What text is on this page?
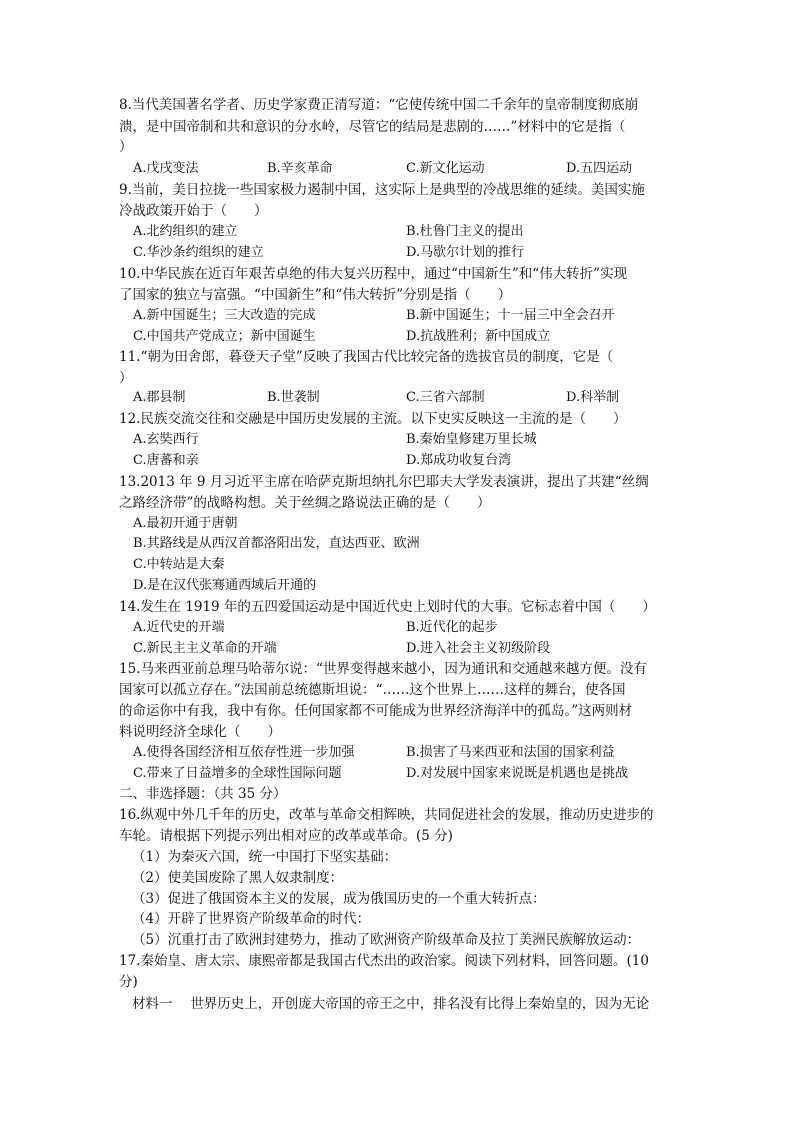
8.当代美国著名学者、历史学家费正清写道：“它使传统中国二千余年的皇帝制度彻底崩
溃，是中国帝制和共和意识的分水岭，尽管它的结局是悲剧的……”材料中的它是指（
）
A.戊戌变法	B.辛亥革命	C.新文化运动	D.五四运动
9.当前，美日拉拢一些国家极力遏制中国，这实际上是典型的冷战思维的延续。美国实施
冷战政策开始于（　　）
A.北约组织的建立	B.杜鲁门主义的提出
C.华沙条约组织的建立	D.马歇尔计划的推行
10.中华民族在近百年艰苦卓绝的伟大复兴历程中，通过“中国新生”和“伟大转折”实现
了国家的独立与富强。“中国新生”和“伟大转折”分别是指（　　）
A.新中国诞生；三大改造的完成	B.新中国诞生；十一届三中全会召开
C.中国共产党成立；新中国诞生	D.抗战胜利；新中国成立
11.“朝为田舍郎，暮登天子堂”反映了我国古代比较完备的选拔官员的制度，它是（
）
A.郡县制	B.世袭制	C.三省六部制	D.科举制
12.民族交流交往和交融是中国历史发展的主流。以下史实反映这一主流的是（　　）
A.玄奘西行	B.秦始皇修建万里长城
C.唐蕃和亲	D.郑成功收复台湾
13.2013 年 9 月习近平主席在哈萨克斯坦纳扎尔巴耶夫大学发表演讲，提出了共建“丝绸
之路经济带”的战略构想。关于丝绸之路说法正确的是（　　）
A.最初开通于唐朝
B.其路线是从西汉首都洛阳出发，直达西亚、欧洲
C.中转站是大秦
D.是在汉代张骞通西域后开通的
14.发生在 1919 年的五四爱国运动是中国近代史上划时代的大事。它标志着中国（　　）
A.近代史的开端	B.近代化的起步
C.新民主主义革命的开端	D.进入社会主义初级阶段
15.马来西亚前总理马哈蒂尔说：“世界变得越来越小，因为通讯和交通越来越方便。没有
国家可以孤立存在。”法国前总统德斯坦说：“……这个世界上……这样的舞台，使各国
的命运你中有我，我中有你。任何国家都不可能成为世界经济海洋中的孤岛。”这两则材
料说明经济全球化（　　）
A.使得各国经济相互依存性进一步加强	B.损害了马来西亚和法国的国家利益
C.带来了日益增多的全球性国际问题	D.对发展中国家来说既是机遇也是挑战
二、非选择题：（共 35 分）
16.纵观中外几千年的历史，改革与革命交相辉映，共同促进社会的发展，推动历史进步的
车轮。请根据下列提示列出相对应的改革或革命。(5 分)
（1）为秦灭六国，统一中国打下坚实基础：
（2）使美国废除了黑人奴隶制度：
（3）促进了俄国资本主义的发展，成为俄国历史的一个重大转折点：
（4）开辟了世界资产阶级革命的时代：
（5）沉重打击了欧洲封建势力，推动了欧洲资产阶级革命及拉丁美洲民族解放运动：
17.秦始皇、唐太宗、康熙帝都是我国古代杰出的政治家。阅读下列材料，回答问题。(10
分)
材料一　 世界历史上，开创庞大帝国的帝王之中，排名没有比得上秦始皇的，因为无论
